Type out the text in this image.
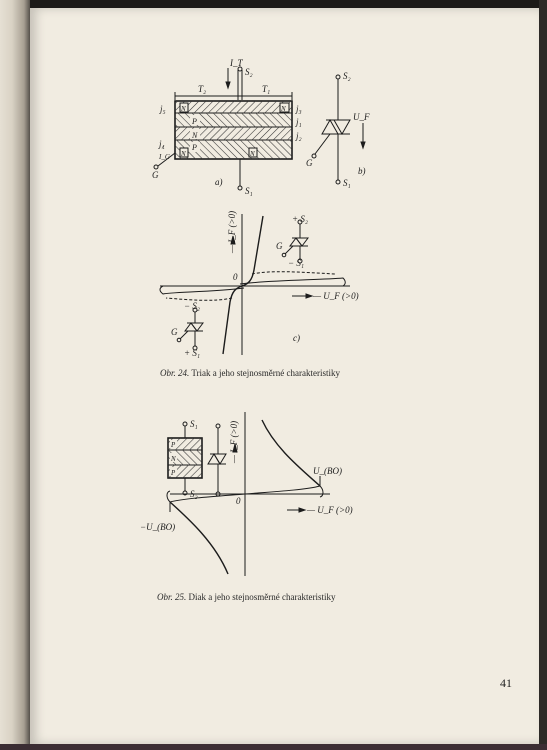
I_T
S₂
T₂	T₁
j₅	j₃
j₁
j₂
j₄
N	N
P
N
P
N	N
I_G
G
S₁
a)
S₂
U_F
G
S₁
b)
— I_F (>0)
— U_F (>0)
0
+ S₂
G
− S₁
− S₂
G
+ S₁
c)
S₁
S₂
P
N
P
— I_F (>0)
— U_F (>0)
0
U_(BO)
−U_(BO)
Obr. 24. Triak a jeho stejnosměrné charakteristiky
Obr. 25. Diak a jeho stejnosměrné charakteristiky
41
